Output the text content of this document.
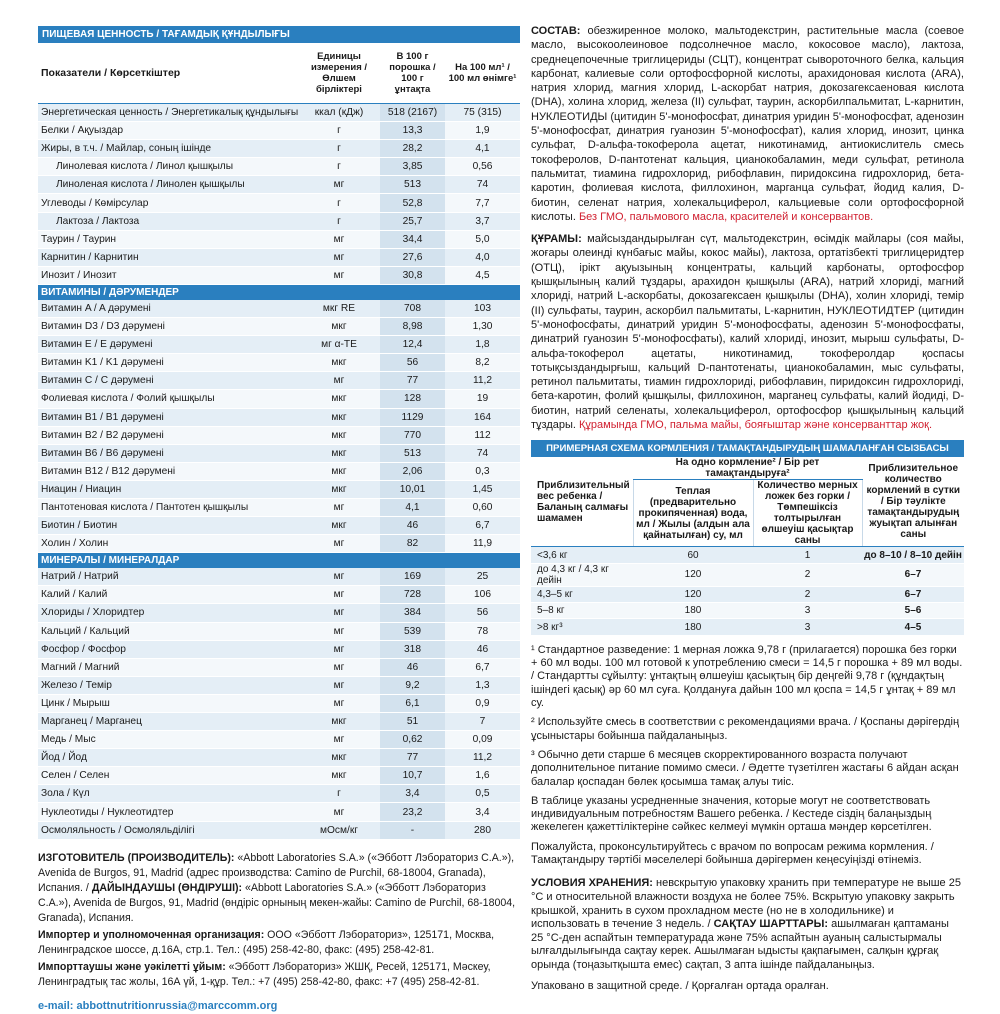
ПИЩЕВАЯ ЦЕННОСТЬ / ТАҒАМДЫҚ ҚҰНДЫЛЫҒЫ
Показатели / Көрсеткіштер	Единицы измерения / Өлшем бірліктері	В 100 г порошка / 100 г ұнтақта	На 100 мл¹ / 100 мл өнімге¹
Энергетическая ценность / Энергетикалық құндылығы	ккал (кДж)	518 (2167)	75 (315)
Белки / Ақуыздар	г	13,3	1,9
Жиры, в т.ч. / Майлар, соның ішінде	г	28,2	4,1
Линолевая кислота / Линол қышқылы	г	3,85	0,56
Линоленая кислота / Линолен қышқылы	мг	513	74
Углеводы / Көмірсулар	г	52,8	7,7
Лактоза / Лактоза	г	25,7	3,7
Таурин / Таурин	мг	34,4	5,0
Карнитин / Карнитин	мг	27,6	4,0
Инозит / Инозит	мг	30,8	4,5
ВИТАМИНЫ / ДӘРУМЕНДЕР			
Витамин A / A дәрумені	мкг RE	708	103
Витамин D3 / D3 дәрумені	мкг	8,98	1,30
Витамин E / E дәрумені	мг α-TE	12,4	1,8
Витамин K1 / K1 дәрумені	мкг	56	8,2
Витамин C / C дәрумені	мг	77	11,2
Фолиевая кислота / Фолий қышқылы	мкг	128	19
Витамин B1 / B1 дәрумені	мкг	1129	164
Витамин B2 / B2 дәрумені	мкг	770	112
Витамин B6 / B6 дәрумені	мкг	513	74
Витамин B12 / B12 дәрумені	мкг	2,06	0,3
Ниацин / Ниацин	мкг	10,01	1,45
Пантотеновая кислота / Пантотен қышқылы	мг	4,1	0,60
Биотин / Биотин	мкг	46	6,7
Холин / Холин	мг	82	11,9
МИНЕРАЛЫ / МИНЕРАЛДАР			
Натрий / Натрий	мг	169	25
Калий / Калий	мг	728	106
Хлориды / Хлоридтер	мг	384	56
Кальций / Кальций	мг	539	78
Фосфор / Фосфор	мг	318	46
Магний / Магний	мг	46	6,7
Железо / Темір	мг	9,2	1,3
Цинк / Мырыш	мг	6,1	0,9
Марганец / Марганец	мкг	51	7
Медь / Мыс	мг	0,62	0,09
Йод / Йод	мкг	77	11,2
Селен / Селен	мкг	10,7	1,6
Зола / Күл	г	3,4	0,5
Нуклеотиды / Нуклеотидтер	мг	23,2	3,4
Осмоляльность / Осмоляльділігі	мОсм/кг	-	280

ИЗГОТОВИТЕЛЬ (ПРОИЗВОДИТЕЛЬ): «Abbott Laboratories S.A.» («Эбботт Лэбораториз С.А.»), Avenida de Burgos, 91, Madrid (адрес производства: Camino de Purchil, 68-18004, Granada), Испания. / ДАЙЫНДАУШЫ (ӨНДІРУШІ): «Abbott Laboratories S.A.» («Эбботт Лэбораториз С.А.»), Avenida de Burgos, 91, Madrid (өндіріс орнының мекен-жайы: Camino de Purchil, 68-18004, Granada), Испания.

Импортер и уполномоченная организация: ООО «Эбботт Лэбораториз», 125171, Москва, Ленинградское шоссе, д.16А, стр.1. Тел.: (495) 258-42-80, факс: (495) 258-42-81.

Импорттаушы және уәкілетті ұйым: «Эбботт Лэбораториз» ЖШҚ, Ресей, 125171, Мәскеу, Ленинградтық тас жолы, 16А үй, 1-құр. Тел.: +7 (495) 258-42-80, факс: +7 (495) 258-42-81.

e-mail: abbottnutritionrussia@marccomm.org
СОСТАВ: обезжиренное молоко, мальтодекстрин, растительные масла (соевое масло, высокоолеиновое подсолнечное масло, кокосовое масло), лактоза, среднецепочечные триглицериды (СЦТ), концентрат сывороточного белка, кальция карбонат, калиевые соли ортофосфорной кислоты, арахидоновая кислота (ARA), натрия хлорид, магния хлорид, L-аскорбат натрия, докозагексаеновая кислота (DHA), холина хлорид, железа (II) сульфат, таурин, аскорбилпальмитат, L-карнитин, НУКЛЕОТИДЫ (цитидин 5'-монофосфат, динатрия уридин 5'-монофосфат, аденозин 5'-монофосфат, динатрия гуанозин 5'-монофосфат), калия хлорид, инозит, цинка сульфат, D-альфа-токоферола ацетат, никотинамид, антиокислитель смесь токоферолов, D-пантотенат кальция, цианокобаламин, меди сульфат, ретинола пальмитат, тиамина гидрохлорид, рибофлавин, пиридоксина гидрохлорид, бета-каротин, фолиевая кислота, филлохинон, марганца сульфат, йодид калия, D-биотин, селенат натрия, холекальциферол, кальциевые соли ортофосфорной кислоты. Без ГМО, пальмового масла, красителей и консервантов.
ҚҰРАМЫ: майсыздандырылған сүт, мальтодекстрин, өсімдік майлары (соя майы, жоғары олеинді күнбағыс майы, кокос майы), лактоза, ортатізбекті триглицеридтер (ОТЦ), ірікт ақуызының концентраты, кальций карбонаты, ортофосфор қышқылының калий тұздары, арахидон қышқылы (ARA), натрий хлориді, магний хлориді, натрий L-аскорбаты, докозагексаен қышқылы (DHA), холин хлориді, темір (II) сульфаты, таурин, аскорбил пальмитаты, L-карнитин, НУКЛЕОТИДТЕР (цитидин 5'-монофосфаты, динатрий уридин 5'-монофосфаты, аденозин 5'-монофосфаты, динатрий гуанозин 5'-монофосфаты), калий хлориді, инозит, мырыш сульфаты, D-альфа-токоферол ацетаты, никотинамид, токоферолдар қоспасы тотықсыздандырғыш, кальций D-пантотенаты, цианокобаламин, мыс сульфаты, ретинол пальмитаты, тиамин гидрохлориді, рибофлавин, пиридоксин гидрохлориді, бета-каротин, фолий қышқылы, филлохинон, марганец сульфаты, калий йодиді, D-биотин, натрий селенаты, холекальциферол, ортофосфор қышқылының кальций тұздары. Құрамында ГМО, пальма майы, бояғыштар және консерванттар жоқ.
ПРИМЕРНАЯ СХЕМА КОРМЛЕНИЯ / ТАМАҚТАНДЫРУДЫҢ ШАМАЛАНҒАН СЫЗБАСЫ
Приблизительный вес ребенка / Баланың салмағы шамамен	На одно кормление² / Бір рет тамақтандыруға²		Приблизительное количество кормлений в сутки / Бір тәулікте тамақтандырудың жуықтап алынған саны
	Теплая (предварительно прокипяченная) вода, мл / Жылы (алдын ала қайнатылған) су, мл	Количество мерных ложек без горки / Төмпешіксіз толтырылған өлшеуіш қасықтар саны	
<3,6 кг	60	1	до 8–10 / 8–10 дейін
до 4,3 кг / 4,3 кг дейін	120	2	6–7
4,3–5 кг	120	2	6–7
5–8 кг	180	3	5–6
>8 кг³	180	3	4–5

¹ Стандартное разведение: 1 мерная ложка 9,78 г (прилагается) порошка без горки + 60 мл воды. 100 мл готовой к употреблению смеси = 14,5 г порошка + 89 мл воды. / Стандартты сұйылту: ұнтақтың өлшеуіш қасықтың бір деңгейі 9,78 г (құндақтың ішіндегі қасық) әр 60 мл суға. Қолдануға дайын 100 мл қоспа = 14,5 г ұнтақ + 89 мл су.

² Используйте смесь в соответствии с рекомендациями врача. / Қоспаны дәрігердің ұсыныстары бойынша пайдаланыңыз.

³ Обычно дети старше 6 месяцев скорректированного возраста получают дополнительное питание помимо смеси. / Әдетте түзетілген жастағы 6 айдан асқан балалар қоспадан бөлек қосымша тамақ алуы тиіс.

В таблице указаны усредненные значения, которые могут не соответствовать индивидуальным потребностям Вашего ребенка. / Кестеде сіздің балаңыздың жекелеген қажеттіліктеріне сәйкес келмеуі мүмкін орташа мәндер көрсетілген.

Пожалуйста, проконсультируйтесь с врачом по вопросам режима кормления. / Тамақтандыру тәртібі мәселелері бойынша дәрігермен кеңесуіңізді өтінеміз.

УСЛОВИЯ ХРАНЕНИЯ: невскрытую упаковку хранить при температуре не выше 25 °С и относительной влажности воздуха не более 75%. Вскрытую упаковку закрыть крышкой, хранить в сухом прохладном месте (но не в холодильнике) и использовать в течение 3 недель. / САҚТАУ ШАРТТАРЫ: ашылмаған қаптаманы 25 °С-ден аспайтын температурада және 75% аспайтын ауаның салыстырмалы ылғалдылығында сақтау керек. Ашылмаған ыдысты қақпағымен, салқын құрғақ орында (тоңазытқышта емес) сақтап, 3 апта ішінде пайдаланыңыз.
Упаковано в защитной среде. / Қорғалған ортада оралған.
